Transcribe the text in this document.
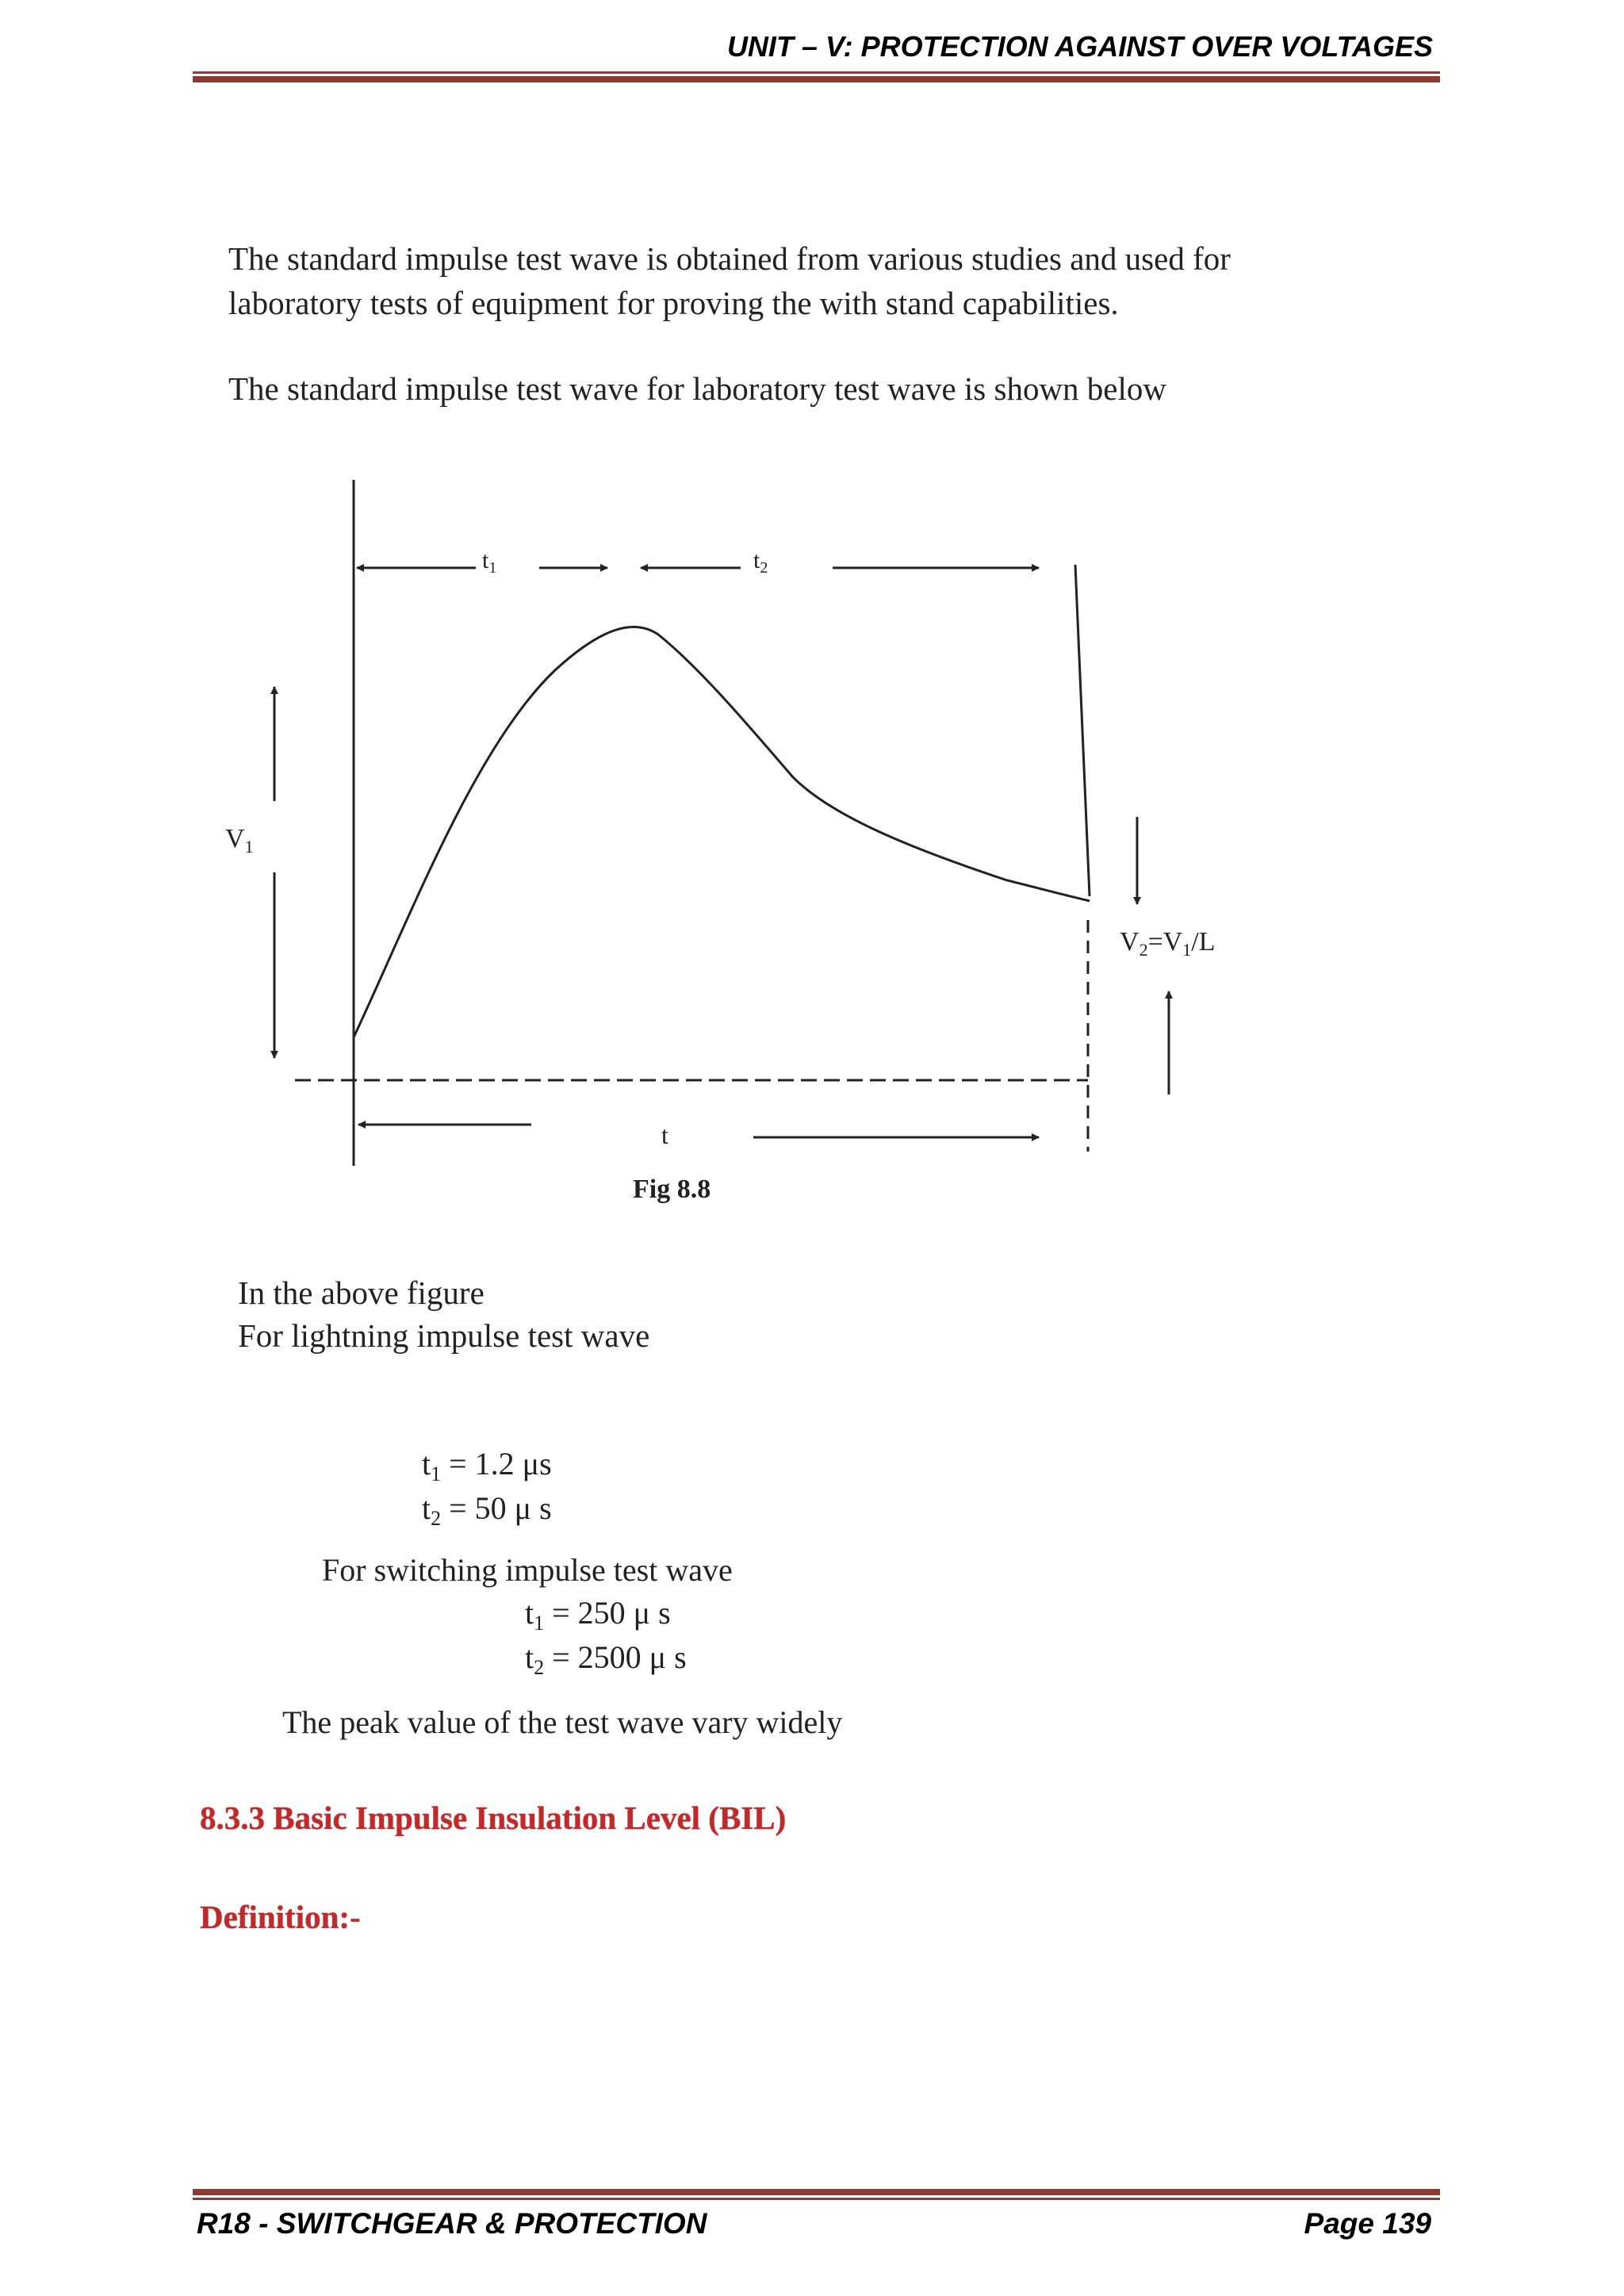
UNIT – V: PROTECTION AGAINST OVER VOLTAGES
The standard impulse test wave is obtained from various studies and used for
laboratory tests of equipment for proving the with stand capabilities.
The standard impulse test wave for laboratory test wave is shown below
$t_1$	$t_2$
$V_1$
$V_2=V_1/L$
t
Fig 8.8
In the above figure
For lightning impulse test wave
$t_1 = 1.2$ μs
$t_2 = 50$ μ s
For switching impulse test wave
$t_1 = 250$ μ s
$t_2 = 2500$ μ s
The peak value of the test wave vary widely
8.3.3 Basic Impulse Insulation Level (BIL)
Definition:-
R18 - SWITCHGEAR & PROTECTION	Page 139
